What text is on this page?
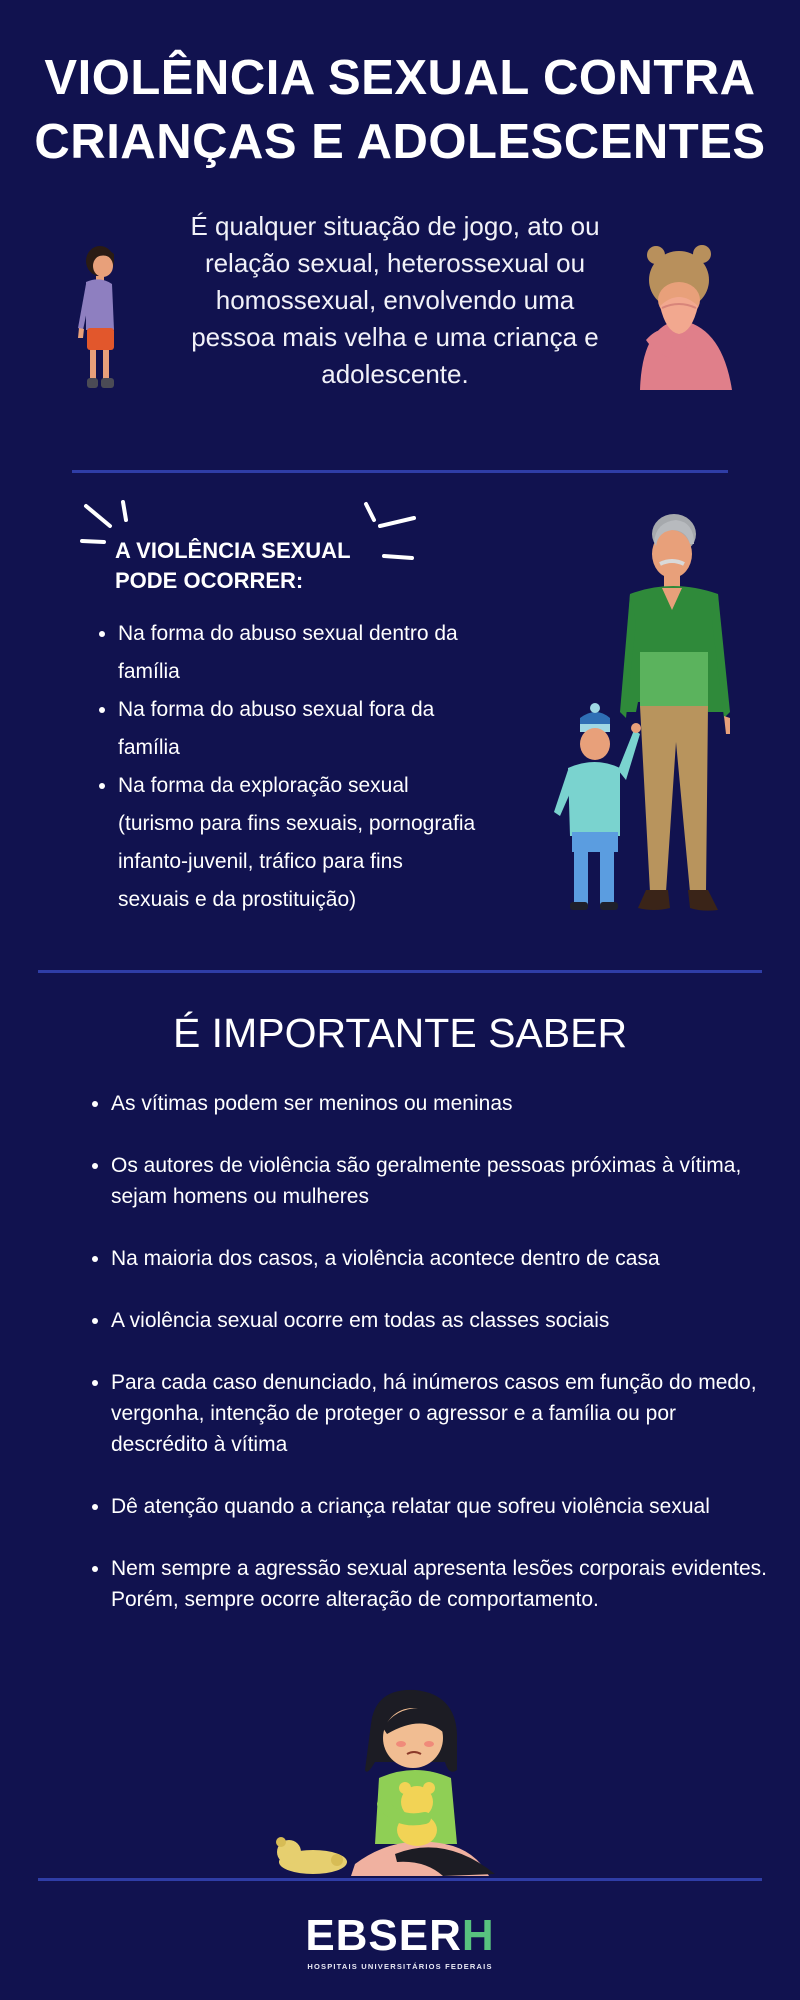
VIOLÊNCIA SEXUAL CONTRA
CRIANÇAS E ADOLESCENTES
É qualquer situação de jogo, ato ou relação sexual, heterossexual ou homossexual, envolvendo uma pessoa mais velha e uma criança e adolescente.
A VIOLÊNCIA SEXUAL
PODE OCORRER:
• Na forma do abuso sexual dentro da família
• Na forma do abuso sexual fora da família
• Na forma da exploração sexual (turismo para fins sexuais, pornografia infanto-juvenil, tráfico para fins sexuais e da prostituição)
É IMPORTANTE SABER
• As vítimas podem ser meninos ou meninas
• Os autores de violência são geralmente pessoas próximas à vítima, sejam homens ou mulheres
• Na maioria dos casos, a violência acontece dentro de casa
• A violência sexual ocorre em todas as classes sociais
• Para cada caso denunciado, há inúmeros casos em função do medo, vergonha, intenção de proteger o agressor e a família ou por descrédito à vítima
• Dê atenção quando a criança relatar que sofreu violência sexual
• Nem sempre a agressão sexual apresenta lesões corporais evidentes. Porém, sempre ocorre alteração de comportamento.
EBSERH
HOSPITAIS UNIVERSITÁRIOS FEDERAIS
